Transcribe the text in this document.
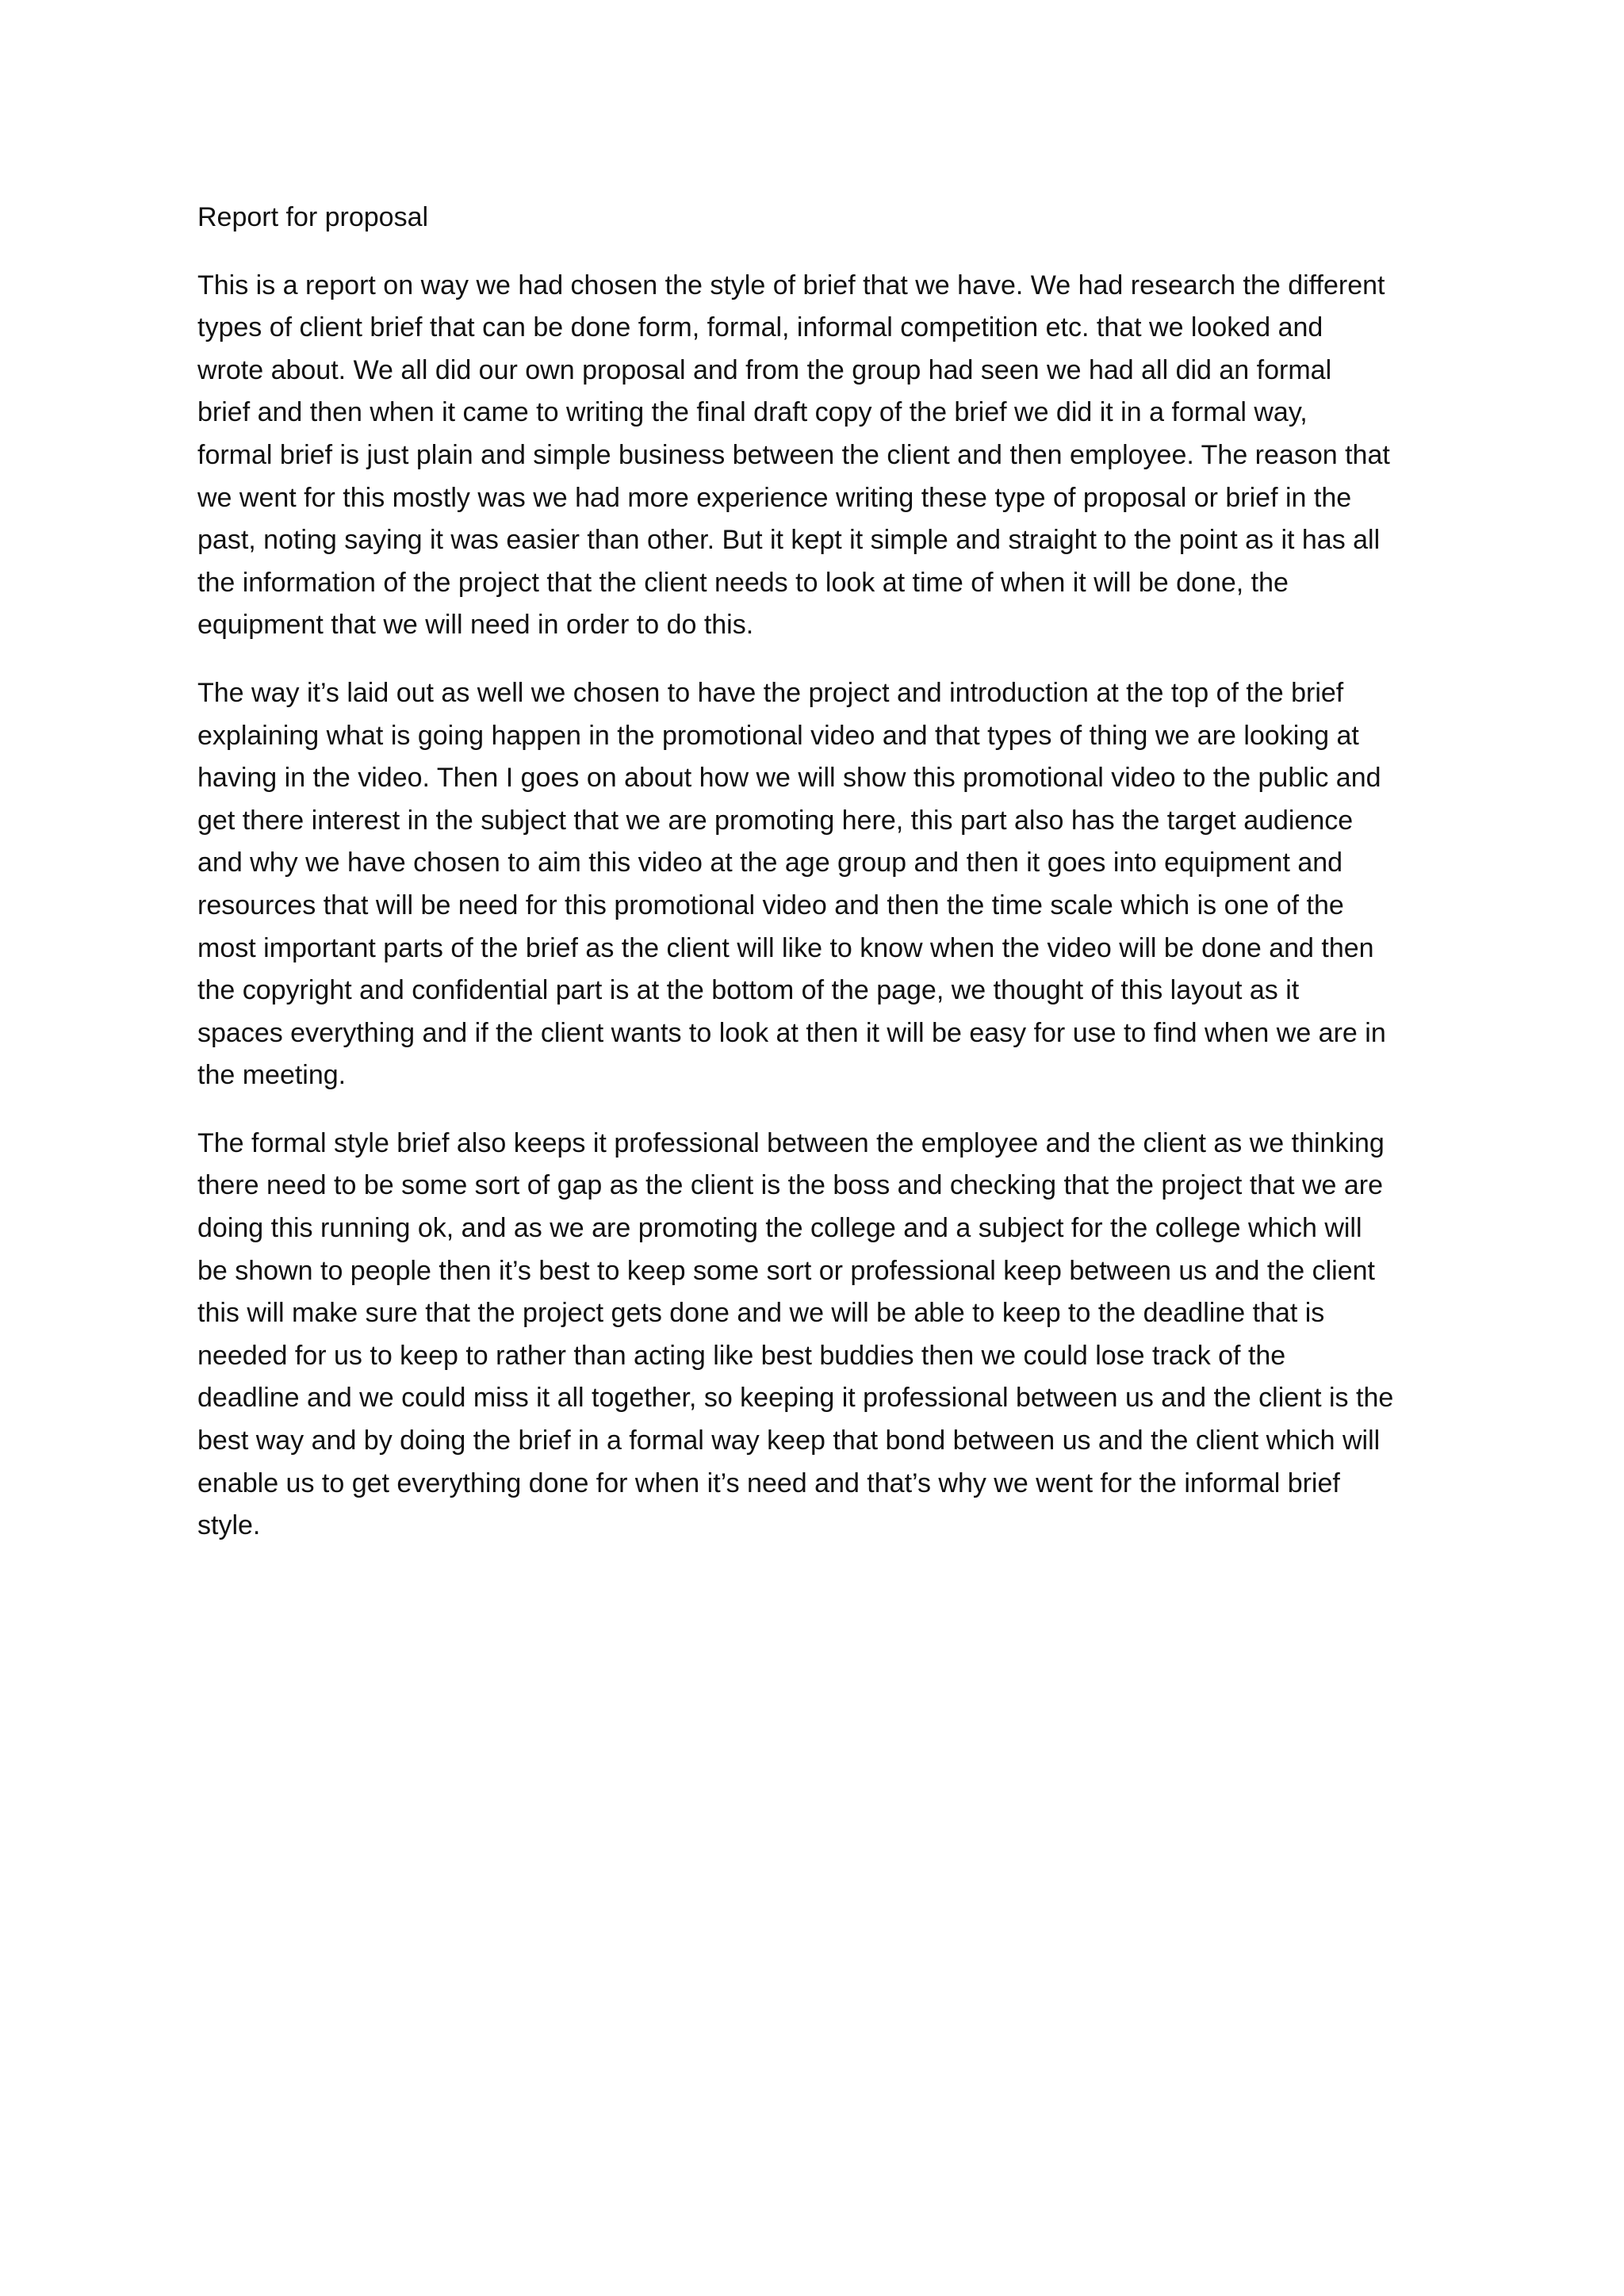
Report for proposal
This is a report on way we had chosen the style of brief that we have. We had research the different
types of client brief that can be done form, formal, informal competition etc. that we looked and
wrote about. We all did our own proposal and from the group had seen we had all did an formal
brief and then when it came to writing the final draft copy of the brief we did it in a formal way,
formal brief is just plain and simple business between the client and then employee. The reason that
we went for this mostly was we had more experience writing these type of proposal or brief in the
past, noting saying it was easier than other. But it kept it simple and straight to the point as it has all
the information of the project that the client needs to look at time of when it will be done, the
equipment that we will need in order to do this.
The way it’s laid out as well we chosen to have the project and introduction at the top of the brief
explaining what is going happen in the promotional video and that types of thing we are looking at
having in the video. Then I goes on about how we will show this promotional video to the public and
get there interest in the subject that we are promoting here, this part also has the target audience
and why we have chosen to aim this video at the age group and then it goes into equipment and
resources that will be need for this promotional video and then the time scale which is one of the
most important parts of the brief as the client will like to know when the video will be done and then
the copyright and confidential part is at the bottom of the page, we thought of this layout as it
spaces everything and if the client wants to look at then it will be easy for use to find when we are in
the meeting.
The formal style brief also keeps it professional between the employee and the client as we thinking
there need to be some sort of gap as the client is the boss and checking that the project that we are
doing this running ok, and as we are promoting the college and a subject for the college which will
be shown to people then it’s best to keep some sort or professional keep between us and the client
this will make sure that the project gets done and we will be able to keep to the deadline that is
needed for us to keep to rather than acting like best buddies then we could lose track of the
deadline and we could miss it all together, so keeping it professional between us and the client is the
best way and by doing the brief in a formal way keep that bond between us and the client which will
enable us to get everything done for when it’s need and that’s why we went for the informal brief
style.
